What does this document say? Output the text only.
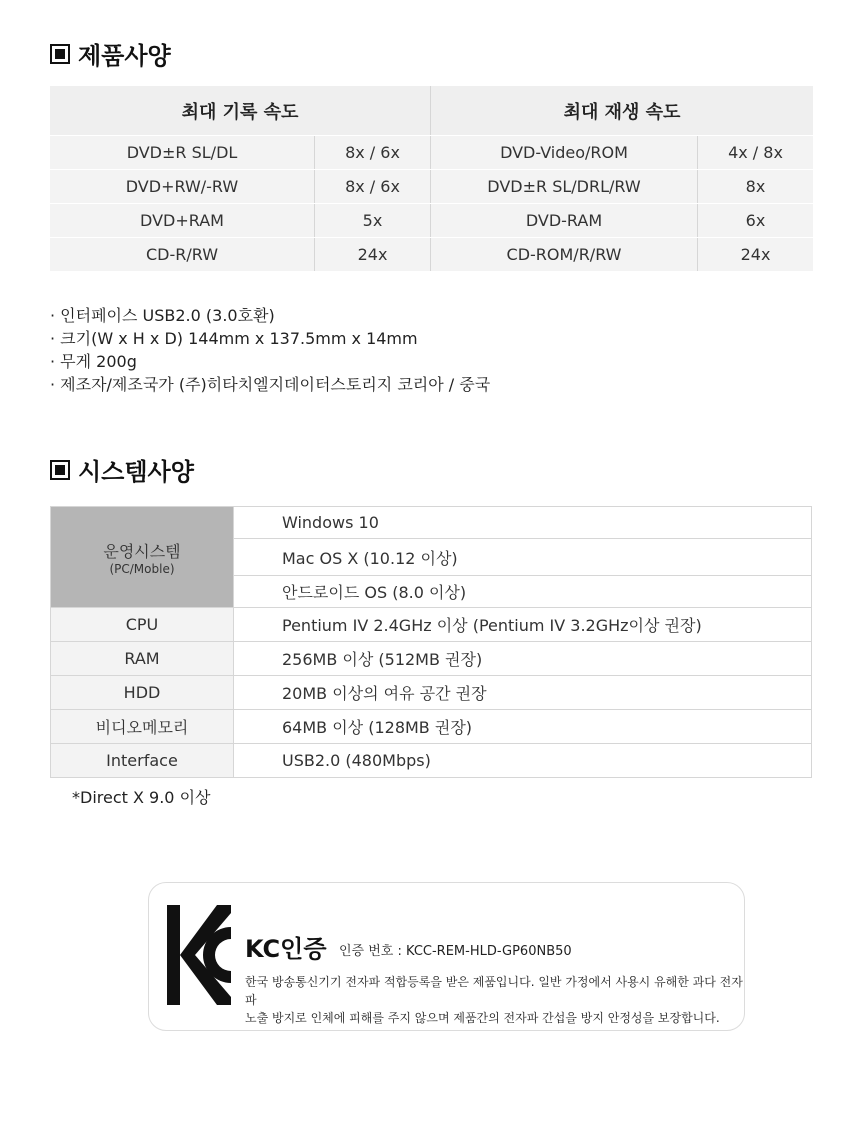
제품사양
최대 기록 속도	최대 재생 속도
DVD±R SL/DL	8x / 6x	DVD-Video/ROM	4x / 8x
DVD+RW/-RW	8x / 6x	DVD±R SL/DRL/RW	8x
DVD+RAM	5x	DVD-RAM	6x
CD-R/RW	24x	CD-ROM/R/RW	24x
· 인터페이스 USB2.0 (3.0호환)
· 크기(W x H x D) 144mm x 137.5mm x 14mm
· 무게 200g
· 제조자/제조국가 (주)히타치엘지데이터스토리지 코리아 / 중국
시스템사양
운영시스템
(PC/Moble)	Windows 10
	Mac OS X (10.12 이상)
	안드로이드 OS (8.0 이상)
CPU	Pentium IV 2.4GHz 이상 (Pentium IV 3.2GHz이상 권장)
RAM	256MB 이상 (512MB 권장)
HDD	20MB 이상의 여유 공간 권장
비디오메모리	64MB 이상 (128MB 권장)
Interface	USB2.0 (480Mbps)
*Direct X 9.0 이상
KC인증 인증 번호 : KCC-REM-HLD-GP60NB50
한국 방송통신기기 전자파 적합등록을 받은 제품입니다. 일반 가정에서 사용시 유해한 과다 전자파
노출 방지로 인체에 피해를 주지 않으며 제품간의 전자파 간섭을 방지 안정성을 보장합니다.
